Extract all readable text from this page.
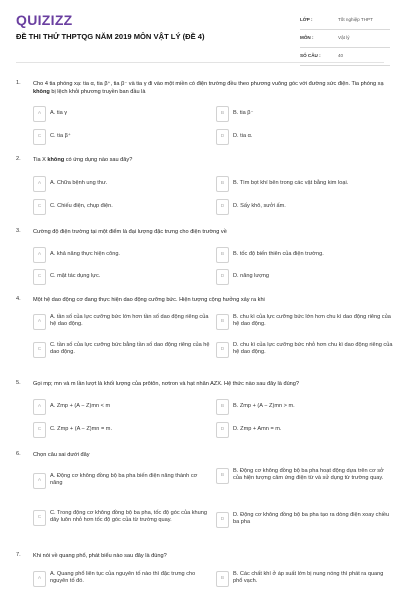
QUIZIZZ
ĐỀ THI THỬ THPTQG NĂM 2019 MÔN VẬT LÝ (ĐỀ 4)
LỚP :	Tốt nghiệp THPT
MÔN :	Vật lý
SỐ CÂU :	40
1. Cho 4 tia phóng xạ: tia α, tia β⁺, tia β⁻ và tia γ đi vào một miền có điện trường đều theo phương vuông góc với đường sức điện. Tia phóng xạ không bị lệch khỏi phương truyền ban đầu là
A	A. tia γ	B	B. tia β⁻
C	C. tia β⁺	D	D. tia α.
2. Tia X không có ứng dụng nào sau đây?
A	A. Chữa bệnh ung thư.	B	B. Tìm bọt khí bên trong các vật bằng kim loại.
C	C. Chiếu điện, chụp điện.	D	D. Sấy khô, sưởi ấm.
3. Cường độ điện trường tại một điểm là đại lượng đặc trưng cho điện trường về
A	A. khả năng thực hiện công.	B	B. tốc độ biến thiên của điện trường.
C	C. mặt tác dụng lực.	D	D. năng lượng
4. Một hệ dao động cơ đang thực hiện dao động cưỡng bức. Hiện tượng cộng hưởng xảy ra khi
A
A. tần số của lực cưỡng bức lớn hơn tần số dao động riêng của hệ dao động.	B
B. chu kì của lực cưỡng bức lớn hơn chu kì dao động riêng của hệ dao động.
C
C. tần số của lực cưỡng bức bằng tần số dao động riêng của hệ dao động.	D
D. chu kì của lực cưỡng bức nhỏ hơn chu kì dao động riêng của hệ dao động.
5. Gọi mp; mn và m lần lượt là khối lượng của prôtôn, nơtron và hạt nhân AZX. Hệ thức nào sau đây là đúng?
A	A. Zmp + (A − Z)mn < m	B	B. Zmp + (A − Z)mn > m.
C	C. Zmp + (A − Z)mn = m.	D	D. Zmp + Amn = m.
6. Chọn câu sai dưới đây
A
A. Động cơ không đồng bộ ba pha biến điện năng thành cơ năng
B
B. Động cơ không đồng bộ ba pha hoạt động dựa trên cơ sở của hiện tượng cảm ứng điện từ và sử dụng từ trường quay.
C
C. Trong động cơ không đồng bộ ba pha, tốc độ góc của khung dây luôn nhỏ hơn tốc độ góc của từ trường quay.	D
D. Động cơ không đồng bộ ba pha tạo ra dòng điện xoay chiều ba pha
7. Khi nói về quang phổ, phát biểu nào sau đây là đúng?
A
A. Quang phổ liên tục của nguyên tố nào thì đặc trưng cho nguyên tố đó.	B
B. Các chất khí ở áp suất lớn bị nung nóng thì phát ra quang phổ vạch.
